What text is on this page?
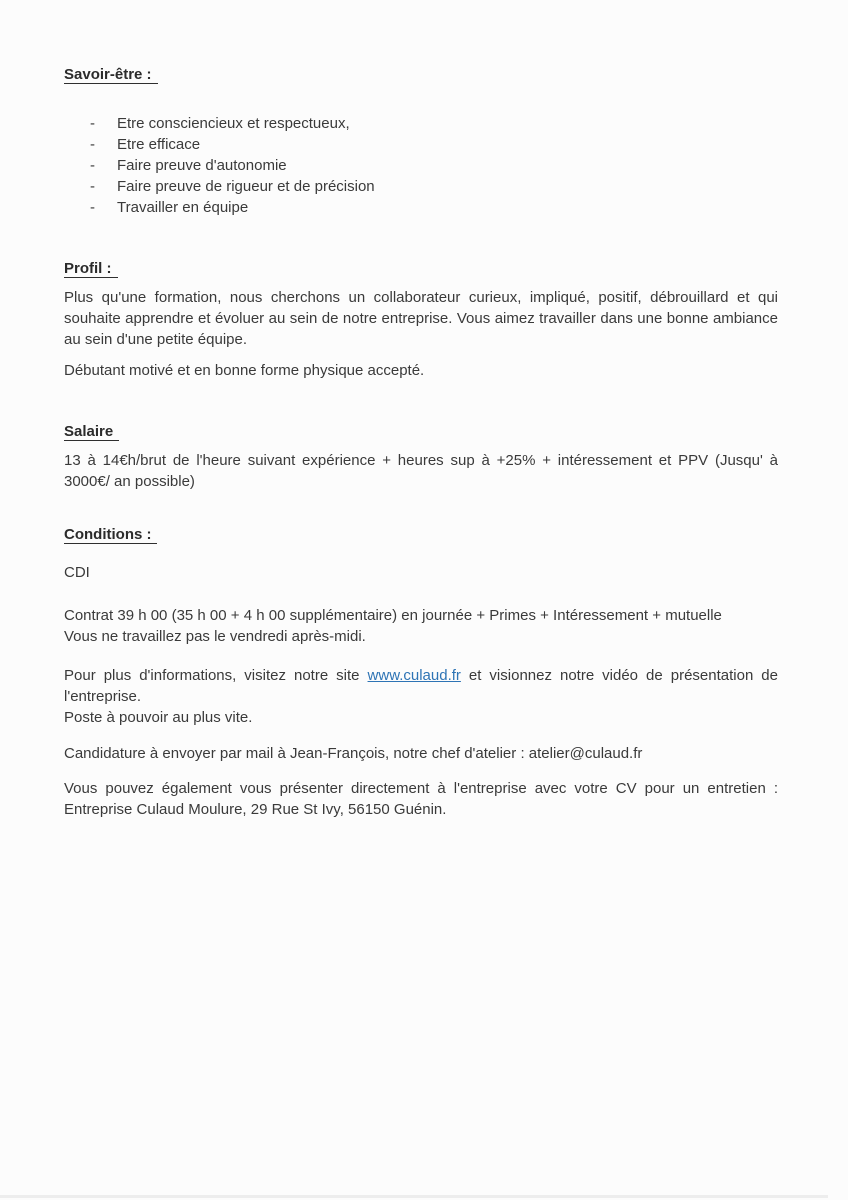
Savoir-être :
-	Etre consciencieux et respectueux,
-	Etre efficace
-	Faire preuve d'autonomie
-	Faire preuve de rigueur et de précision
-	Travailler en équipe
Profil :
Plus qu'une formation, nous cherchons un collaborateur curieux, impliqué, positif, débrouillard et qui souhaite apprendre et évoluer au sein de notre entreprise. Vous aimez travailler dans une bonne ambiance au sein d'une petite équipe.
Débutant motivé et en bonne forme physique accepté.
Salaire
13 à 14€h/brut de l'heure suivant expérience + heures sup à +25% + intéressement et PPV (Jusqu' à 3000€/ an possible)
Conditions :
CDI
Contrat 39 h 00 (35 h 00 + 4 h 00 supplémentaire) en journée + Primes + Intéressement + mutuelle
Vous ne travaillez pas le vendredi après-midi.
Pour plus d'informations, visitez notre site www.culaud.fr et visionnez notre vidéo de présentation de l'entreprise.
Poste à pouvoir au plus vite.
Candidature à envoyer par mail à Jean-François, notre chef d'atelier : atelier@culaud.fr
Vous pouvez également vous présenter directement à l'entreprise avec votre CV pour un entretien : Entreprise Culaud Moulure, 29 Rue St Ivy, 56150 Guénin.
